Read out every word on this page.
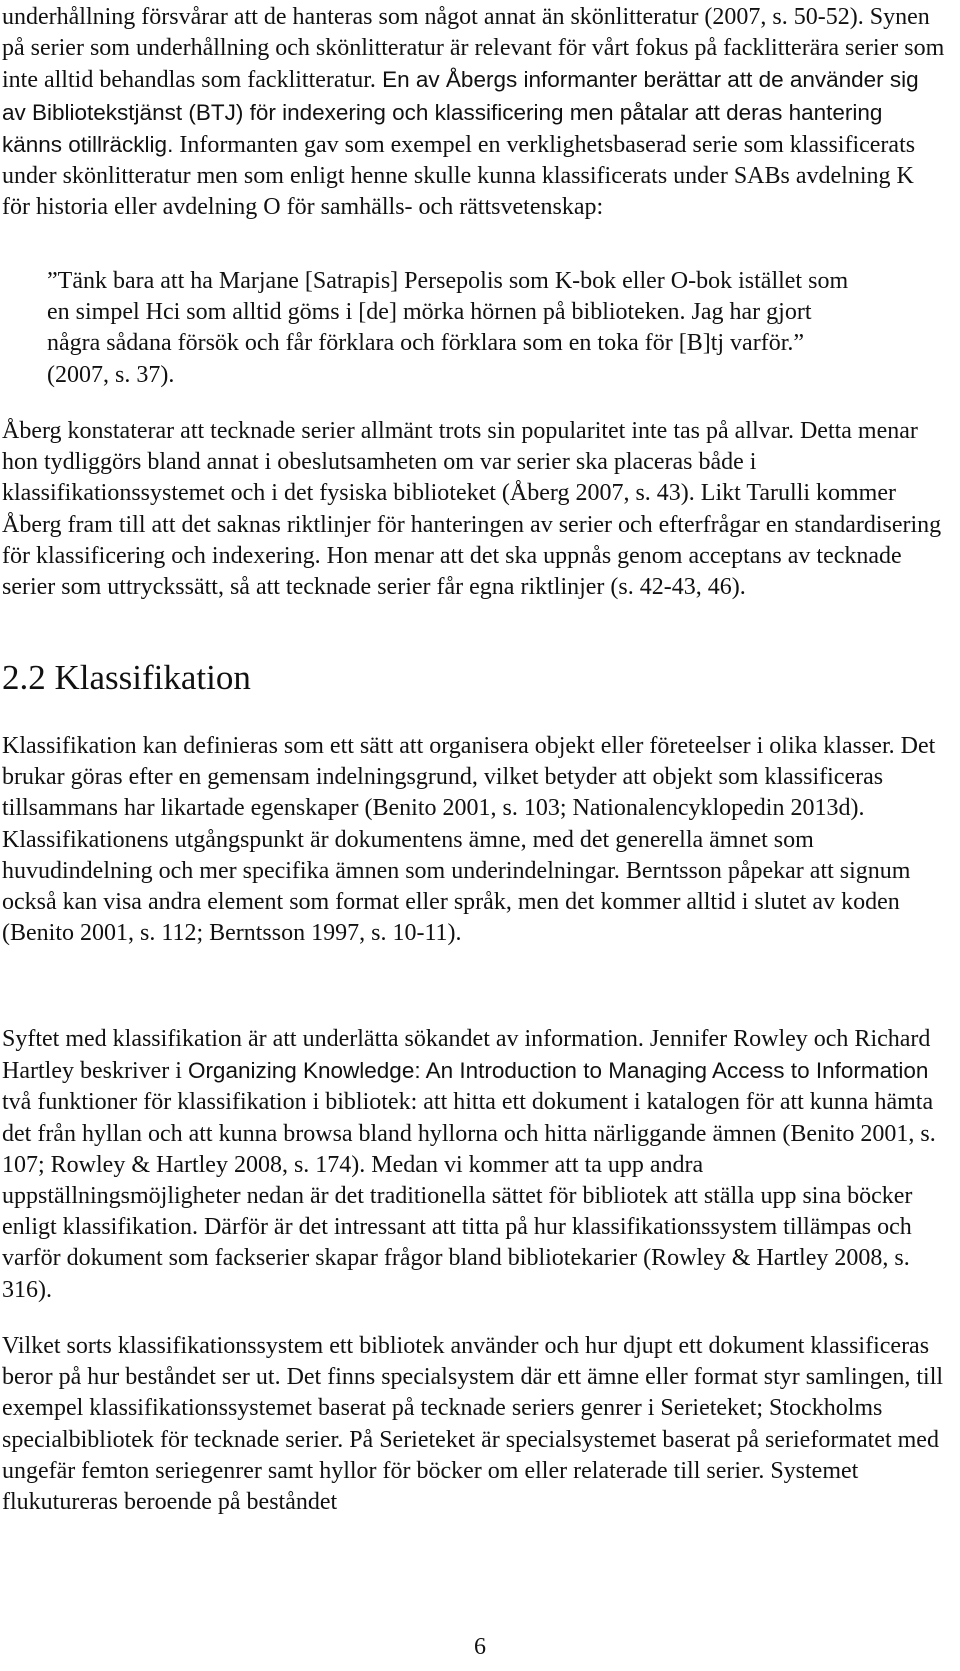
underhållning försvårar att de hanteras som något annat än skönlitteratur (2007, s. 50-52). Synen på serier som underhållning och skönlitteratur är relevant för vårt fokus på facklitterära serier som inte alltid behandlas som facklitteratur. En av Åbergs informanter berättar att de använder sig av Bibliotekstjänst (BTJ) för indexering och klassificering men påtalar att deras hantering känns otillräcklig. Informanten gav som exempel en verklighetsbaserad serie som klassificerats under skönlitteratur men som enligt henne skulle kunna klassificerats under SABs avdelning K för historia eller avdelning O för samhälls- och rättsvetenskap:

”Tänk bara att ha Marjane [Satrapis] Persepolis som K-bok eller O-bok istället som en simpel Hci som alltid göms i [de] mörka hörnen på biblioteken. Jag har gjort några sådana försök och får förklara och förklara som en toka för [B]tj varför.” (2007, s. 37).

Åberg konstaterar att tecknade serier allmänt trots sin popularitet inte tas på allvar. Detta menar hon tydliggörs bland annat i obeslutsamheten om var serier ska placeras både i klassifikationssystemet och i det fysiska biblioteket (Åberg 2007, s. 43). Likt Tarulli kommer Åberg fram till att det saknas riktlinjer för hanteringen av serier och efterfrågar en standardisering för klassificering och indexering. Hon menar att det ska uppnås genom acceptans av tecknade serier som uttryckssätt, så att tecknade serier får egna riktlinjer (s. 42-43, 46).

2.2 Klassifikation

Klassifikation kan definieras som ett sätt att organisera objekt eller företeelser i olika klasser. Det brukar göras efter en gemensam indelningsgrund, vilket betyder att objekt som klassificeras tillsammans har likartade egenskaper (Benito 2001, s. 103; Nationalencyklopedin 2013d). Klassifikationens utgångspunkt är dokumentens ämne, med det generella ämnet som huvudindelning och mer specifika ämnen som underindelningar. Berntsson påpekar att signum också kan visa andra element som format eller språk, men det kommer alltid i slutet av koden (Benito 2001, s. 112; Berntsson 1997, s. 10-11).

Syftet med klassifikation är att underlätta sökandet av information. Jennifer Rowley och Richard Hartley beskriver i Organizing Knowledge: An Introduction to Managing Access to Information två funktioner för klassifikation i bibliotek: att hitta ett dokument i katalogen för att kunna hämta det från hyllan och att kunna browsa bland hyllorna och hitta närliggande ämnen (Benito 2001, s. 107; Rowley & Hartley 2008, s. 174). Medan vi kommer att ta upp andra uppställningsmöjligheter nedan är det traditionella sättet för bibliotek att ställa upp sina böcker enligt klassifikation. Därför är det intressant att titta på hur klassifikationssystem tillämpas och varför dokument som fackserier skapar frågor bland bibliotekarier (Rowley & Hartley 2008, s. 316).

Vilket sorts klassifikationssystem ett bibliotek använder och hur djupt ett dokument klassificeras beror på hur beståndet ser ut. Det finns specialsystem där ett ämne eller format styr samlingen, till exempel klassifikationssystemet baserat på tecknade seriers genrer i Serieteket; Stockholms specialbibliotek för tecknade serier. På Serieteket är specialsystemet baserat på serieformatet med ungefär femton seriegenrer samt hyllor för böcker om eller relaterade till serier. Systemet flukutureras beroende på beståndet

6
